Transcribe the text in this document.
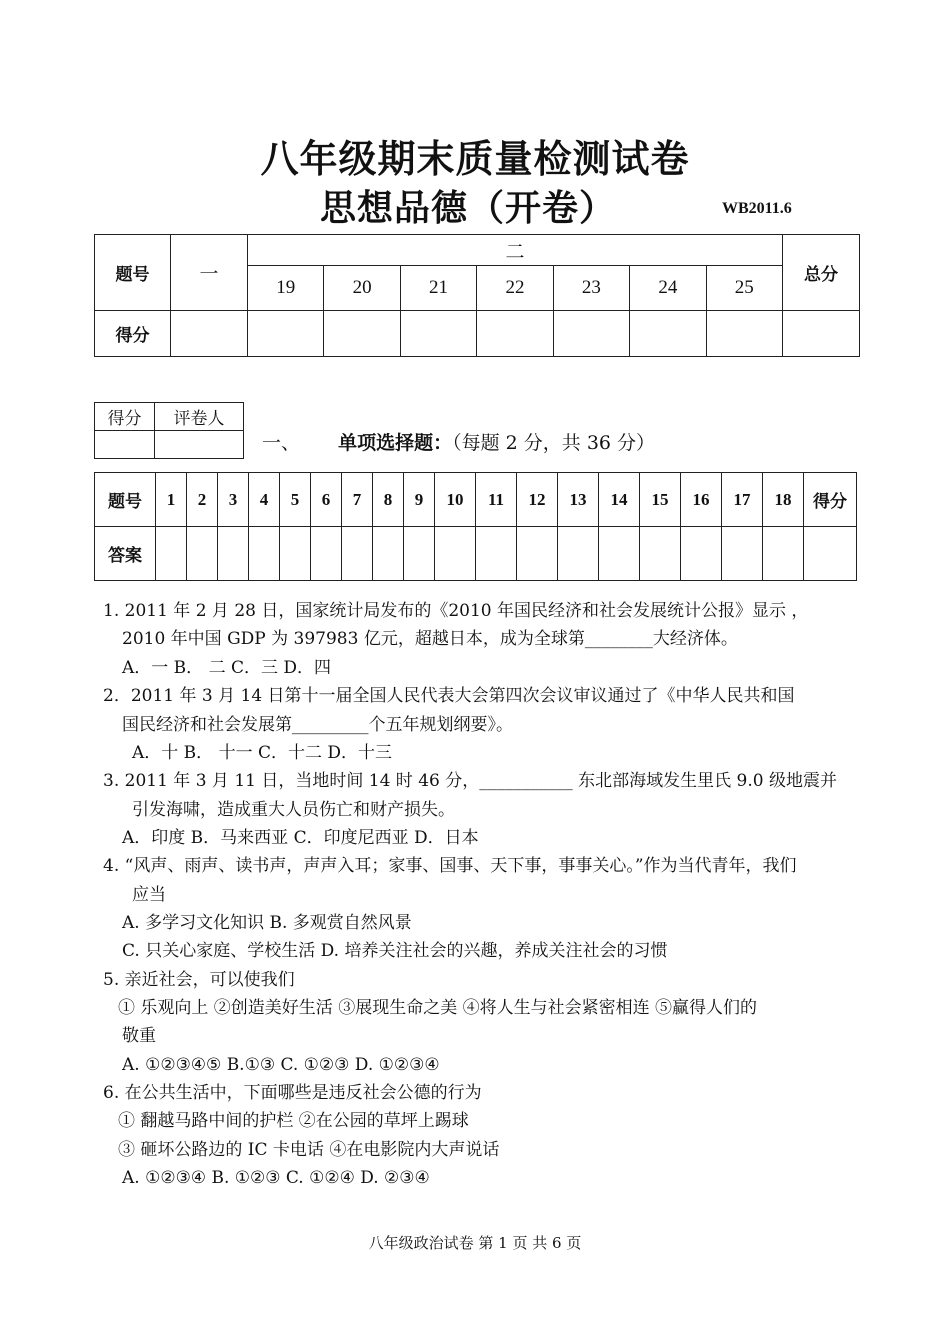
八年级期末质量检测试卷
思想品德（开卷）	WB2011.6
题号	一	二							总分
		19	20	21	22	23	24	25	
得分									
得分	评卷人

一、 单项选择题：（每题 2 分，共 36 分）
题号	1	2	3	4	5	6	7	8	9	10	11	12	13	14	15	16	17	18	得分
答案																			
1. 2011 年 2 月 28 日，国家统计局发布的《2010 年国民经济和社会发展统计公报》显示 ，
2010 年中国 GDP 为 397983 亿元，超越日本，成为全球第________大经济体。
A．一 B． 二 C．三 D．四
2．2011 年 3 月 14 日第十一届全国人民代表大会第四次会议审议通过了《中华人民共和国
国民经济和社会发展第_________个五年规划纲要》。
A．十 B． 十一 C．十二 D．十三
3. 2011 年 3 月 11 日，当地时间 14 时 46 分，___________ 东北部海域发生里氏 9.0 级地震并
引发海啸，造成重大人员伤亡和财产损失。
A．印度 B．马来西亚 C．印度尼西亚 D．日本
4. “风声、雨声、读书声，声声入耳；家事、国事、天下事，事事关心。”作为当代青年，我们
应当
A. 多学习文化知识 B. 多观赏自然风景
C. 只关心家庭、学校生活 D. 培养关注社会的兴趣，养成关注社会的习惯
5. 亲近社会，可以使我们
① 乐观向上 ②创造美好生活 ③展现生命之美 ④将人生与社会紧密相连 ⑤赢得人们的
敬重
A. ①②③④⑤ B.①③ C. ①②③ D. ①②③④
6. 在公共生活中，下面哪些是违反社会公德的行为
① 翻越马路中间的护栏 ②在公园的草坪上踢球
③ 砸坏公路边的 IC 卡电话 ④在电影院内大声说话
A. ①②③④ B. ①②③ C. ①②④ D. ②③④
八年级政治试卷 第 1 页 共 6 页
